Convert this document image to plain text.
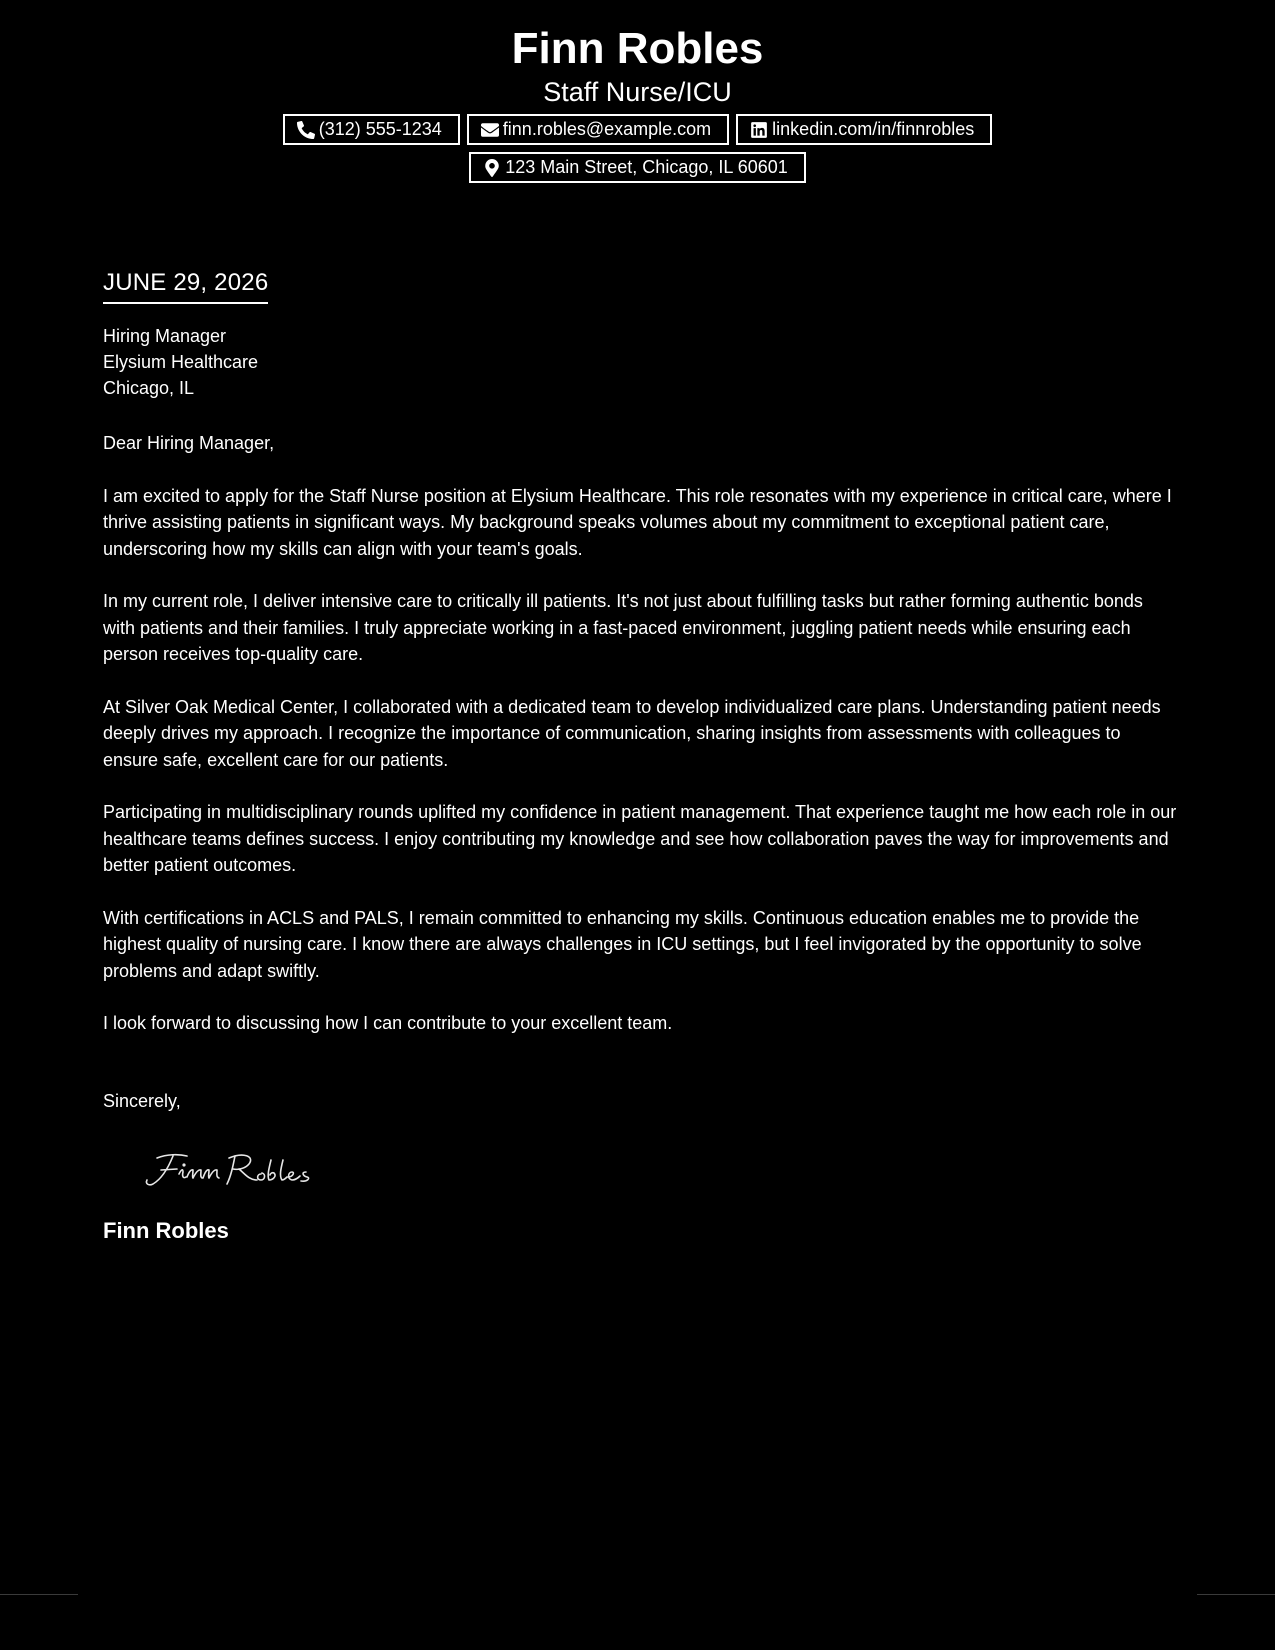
Finn Robles
Staff Nurse/ICU
(312) 555-1234	finn.robles@example.com	linkedin.com/in/finnrobles
123 Main Street, Chicago, IL 60601
JUNE 29, 2026
Hiring Manager
Elysium Healthcare
Chicago, IL
Dear Hiring Manager,
I am excited to apply for the Staff Nurse position at Elysium Healthcare. This role resonates with my experience in critical care, where I thrive assisting patients in significant ways. My background speaks volumes about my commitment to exceptional patient care, underscoring how my skills can align with your team's goals.
In my current role, I deliver intensive care to critically ill patients. It's not just about fulfilling tasks but rather forming authentic bonds with patients and their families. I truly appreciate working in a fast-paced environment, juggling patient needs while ensuring each person receives top-quality care.
At Silver Oak Medical Center, I collaborated with a dedicated team to develop individualized care plans. Understanding patient needs deeply drives my approach. I recognize the importance of communication, sharing insights from assessments with colleagues to ensure safe, excellent care for our patients.
Participating in multidisciplinary rounds uplifted my confidence in patient management. That experience taught me how each role in our healthcare teams defines success. I enjoy contributing my knowledge and see how collaboration paves the way for improvements and better patient outcomes.
With certifications in ACLS and PALS, I remain committed to enhancing my skills. Continuous education enables me to provide the highest quality of nursing care. I know there are always challenges in ICU settings, but I feel invigorated by the opportunity to solve problems and adapt swiftly.
I look forward to discussing how I can contribute to your excellent team.
Sincerely,
Finn Robles
